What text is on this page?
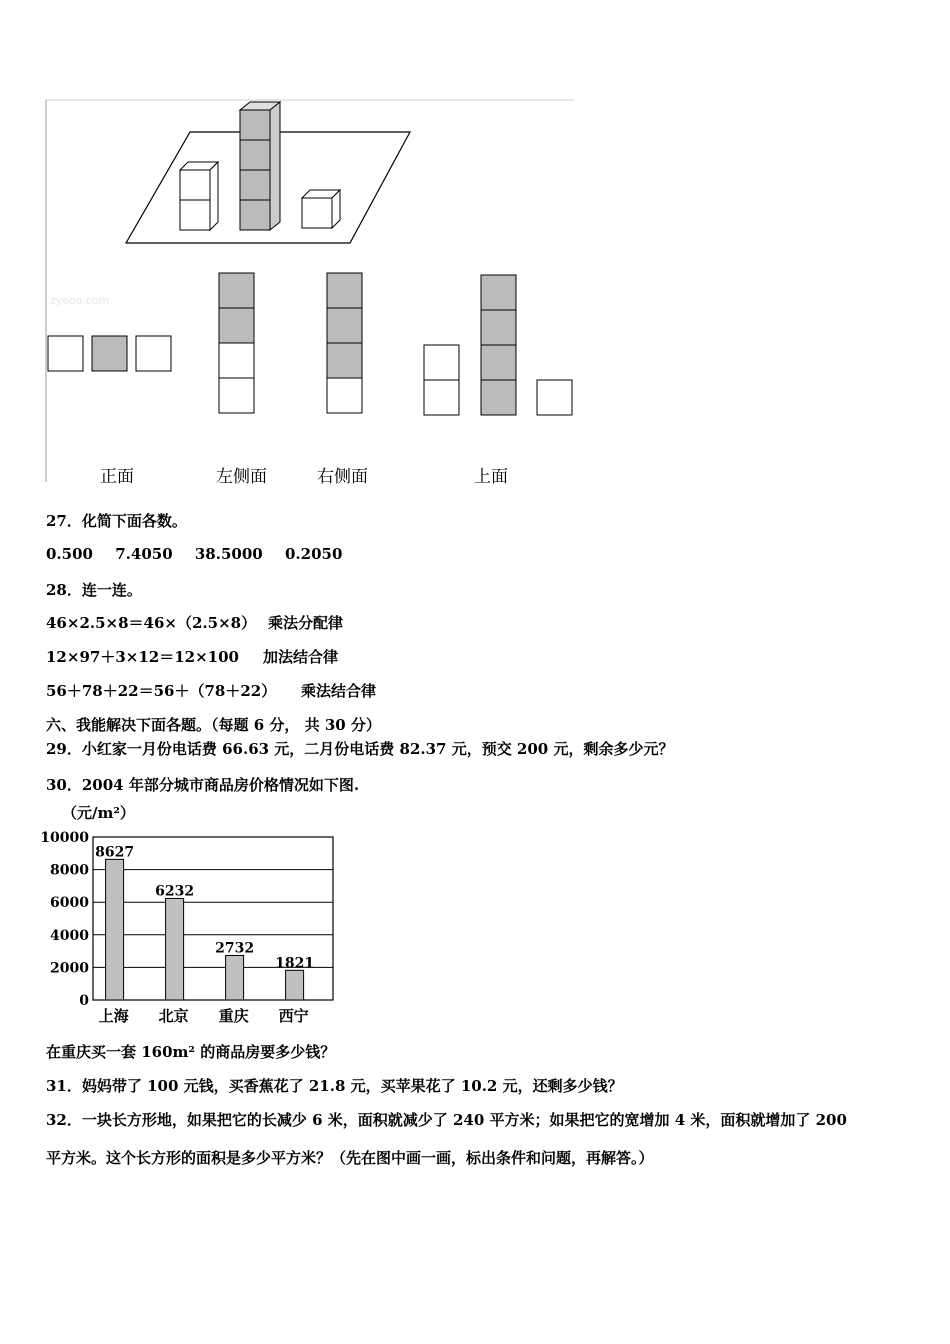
zyeoo.com
正面	左侧面	右侧面	上面
27．化简下面各数。
0.500 7.4050 38.5000 0.2050
28．连一连。
46×2.5×8＝46×（2.5×8） 乘法分配律
12×97＋3×12＝12×100 加法结合律
56＋78＋22＝56＋（78＋22） 乘法结合律
六、我能解决下面各题。（每题 6 分， 共 30 分）
29．小红家一月份电话费 66.63 元，二月份电话费 82.37 元，预交 200 元，剩余多少元？
30．2004 年部分城市商品房价格情况如下图.
（元/m²）
8627
6232
2732
1821
0
2000
4000
6000
8000
10000
上海 北京 重庆 西宁
在重庆买一套 160m² 的商品房要多少钱？
31．妈妈带了 100 元钱，买香蕉花了 21.8 元，买苹果花了 10.2 元，还剩多少钱？
32．一块长方形地，如果把它的长减少 6 米，面积就减少了 240 平方米；如果把它的宽增加 4 米，面积就增加了 200
平方米。这个长方形的面积是多少平方米？（先在图中画一画，标出条件和问题，再解答。）
